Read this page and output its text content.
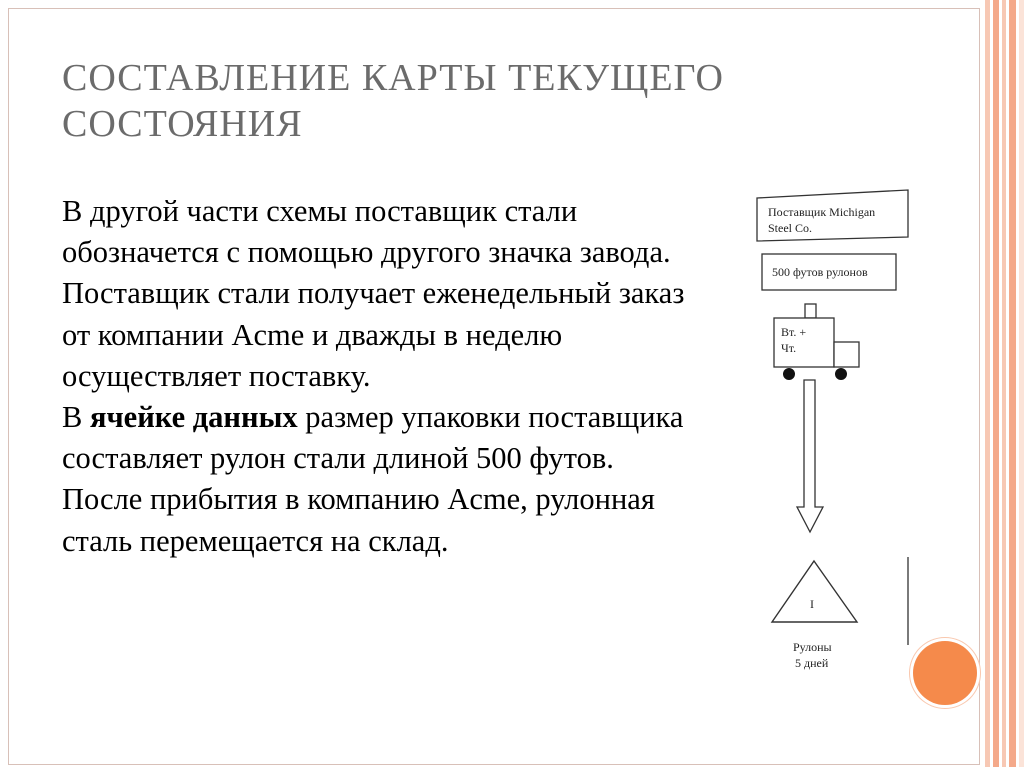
СОСТАВЛЕНИЕ КАРТЫ ТЕКУЩЕГО СОСТОЯНИЯ

В другой части схемы поставщик стали обозначется с помощью другого значка завода.

Поставщик стали получает еженедельный заказ от компании Acme и дважды в неделю осуществляет поставку.

В ячейке данных размер упаковки поставщика составляет рулон стали длиной 500 футов.

После прибытия в компанию Acme, рулонная сталь перемещается на склад.

Поставщик Michigan
Steel Co.
500 футов рулонов
Вт. +
Чт.
I
Рулоны
5 дней
